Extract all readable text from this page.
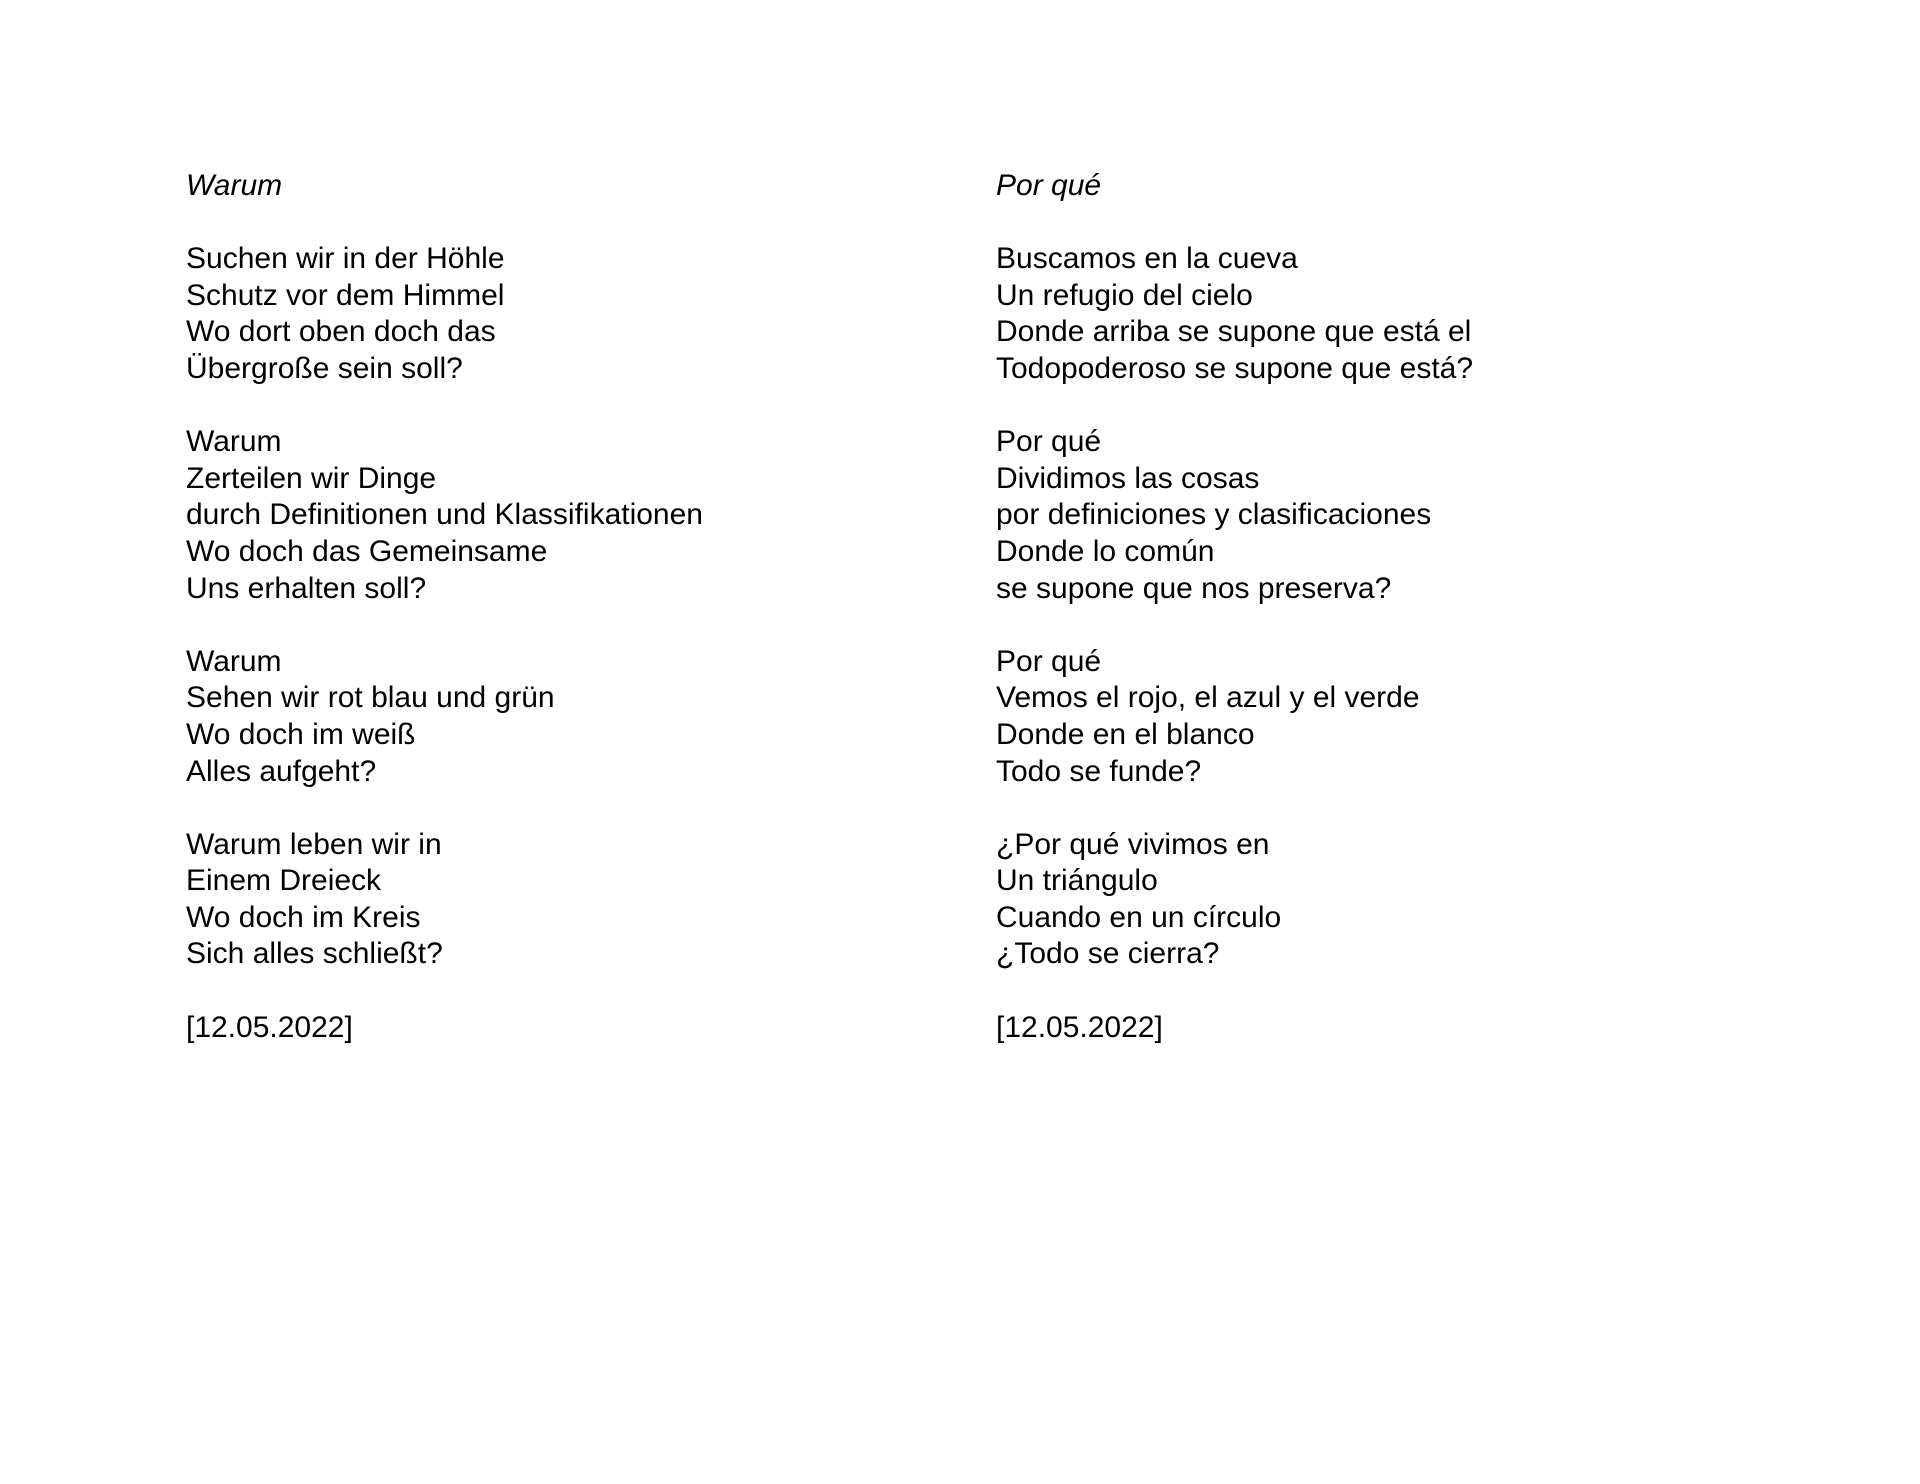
Warum
Suchen wir in der Höhle
Schutz vor dem Himmel
Wo dort oben doch das
Übergroße sein soll?
Warum
Zerteilen wir Dinge
durch Definitionen und Klassifikationen
Wo doch das Gemeinsame
Uns erhalten soll?
Warum
Sehen wir rot blau und grün
Wo doch im weiß
Alles aufgeht?
Warum leben wir in
Einem Dreieck
Wo doch im Kreis
Sich alles schließt?
[12.05.2022]
Por qué
Buscamos en la cueva
Un refugio del cielo
Donde arriba se supone que está el
Todopoderoso se supone que está?
Por qué
Dividimos las cosas
por definiciones y clasificaciones
Donde lo común
se supone que nos preserva?
Por qué
Vemos el rojo, el azul y el verde
Donde en el blanco
Todo se funde?
¿Por qué vivimos en
Un triángulo
Cuando en un círculo
¿Todo se cierra?
[12.05.2022]
